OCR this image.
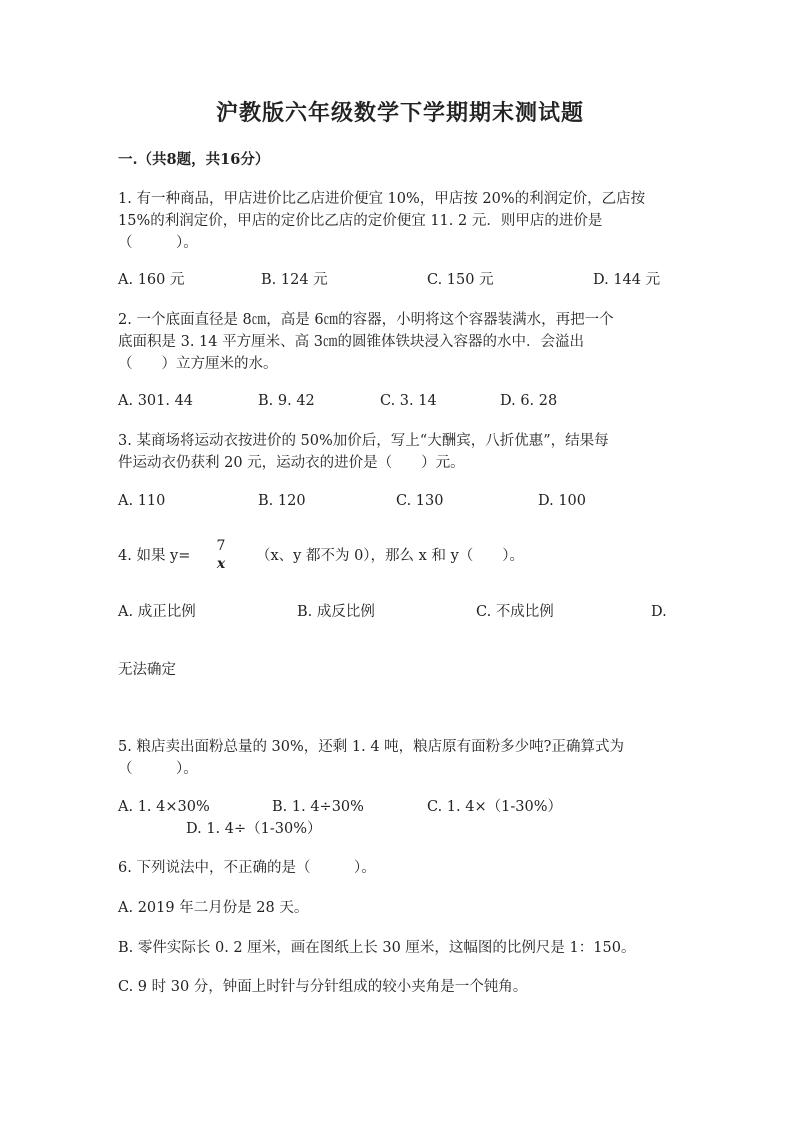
沪教版六年级数学下学期期末测试题
一.（共8题，共16分）
1. 有一种商品，甲店进价比乙店进价便宜 10%，甲店按 20%的利润定价，乙店按
15%的利润定价，甲店的定价比乙店的定价便宜 11. 2 元．则甲店的进价是
（　　　）。
A. 160 元	B. 124 元	C. 150 元	D. 144 元
2. 一个底面直径是 8㎝，高是 6㎝的容器，小明将这个容器装满水，再把一个
底面积是 3. 14 平方厘米、高 3㎝的圆锥体铁块浸入容器的水中．会溢出
（　　）立方厘米的水。
A. 301. 44	B. 9. 42	C. 3. 14	D. 6. 28
3. 某商场将运动衣按进价的 50%加价后，写上“大酬宾，八折优惠”，结果每
件运动衣仍获利 20 元，运动衣的进价是（　　）元。
A. 110	B. 120	C. 130	D. 100
4. 如果 y=
7
x	（x、y 都不为 0），那么 x 和 y（　　）。
A. 成正比例	B. 成反比例	C. 不成比例	D.
无法确定
5. 粮店卖出面粉总量的 30%，还剩 1. 4 吨，粮店原有面粉多少吨?正确算式为
（　　　）。
A. 1. 4×30%	B. 1. 4÷30%	C. 1. 4×（1-30%）
D. 1. 4÷（1-30%）
6. 下列说法中，不正确的是（　　　）。
A. 2019 年二月份是 28 天。
B. 零件实际长 0. 2 厘米，画在图纸上长 30 厘米，这幅图的比例尺是 1：150。
C. 9 时 30 分，钟面上时针与分针组成的较小夹角是一个钝角。
